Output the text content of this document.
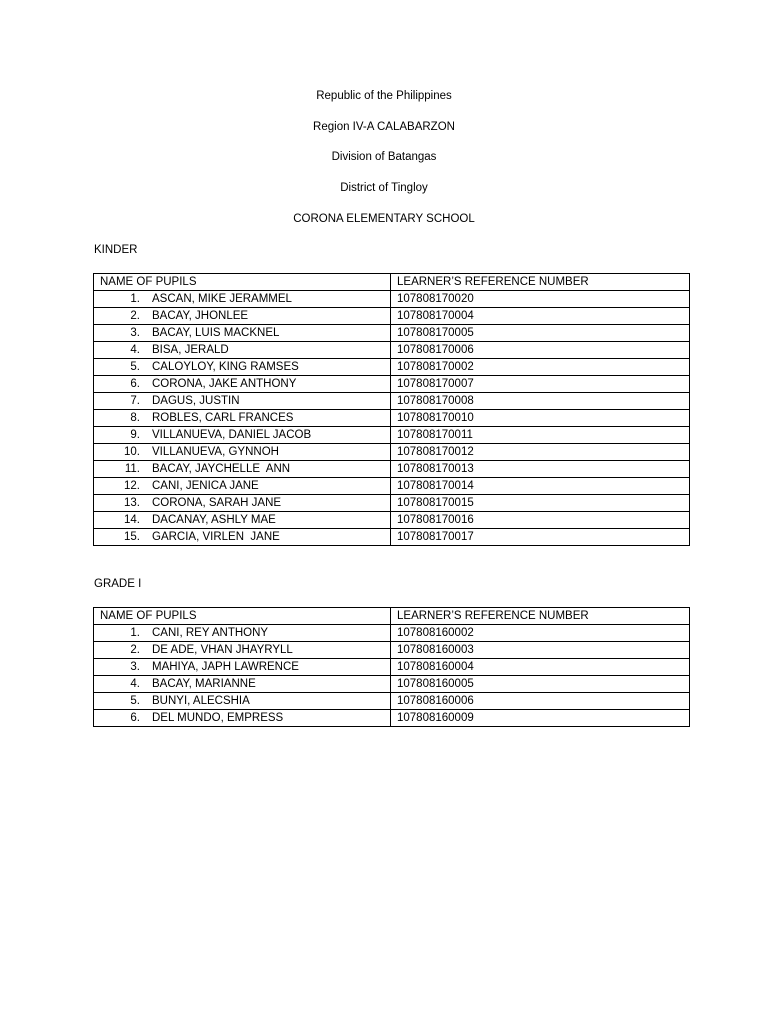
Republic of the Philippines
Region IV-A CALABARZON
Division of Batangas
District of Tingloy
CORONA ELEMENTARY SCHOOL
KINDER
NAME OF PUPILS	LEARNER’S REFERENCE NUMBER
1. ASCAN, MIKE JERAMMEL	107808170020
2. BACAY, JHONLEE	107808170004
3. BACAY, LUIS MACKNEL	107808170005
4. BISA, JERALD	107808170006
5. CALOYLOY, KING RAMSES	107808170002
6. CORONA, JAKE ANTHONY	107808170007
7. DAGUS, JUSTIN	107808170008
8. ROBLES, CARL FRANCES	107808170010
9. VILLANUEVA, DANIEL JACOB	107808170011
10. VILLANUEVA, GYNNOH	107808170012
11. BACAY, JAYCHELLE  ANN	107808170013
12. CANI, JENICA JANE	107808170014
13. CORONA, SARAH JANE	107808170015
14. DACANAY, ASHLY MAE	107808170016
15. GARCIA, VIRLEN  JANE	107808170017
GRADE I
NAME OF PUPILS	LEARNER’S REFERENCE NUMBER
1. CANI, REY ANTHONY	107808160002
2. DE ADE, VHAN JHAYRYLL	107808160003
3. MAHIYA, JAPH LAWRENCE	107808160004
4. BACAY, MARIANNE	107808160005
5. BUNYI, ALECSHIA	107808160006
6. DEL MUNDO, EMPRESS	107808160009
